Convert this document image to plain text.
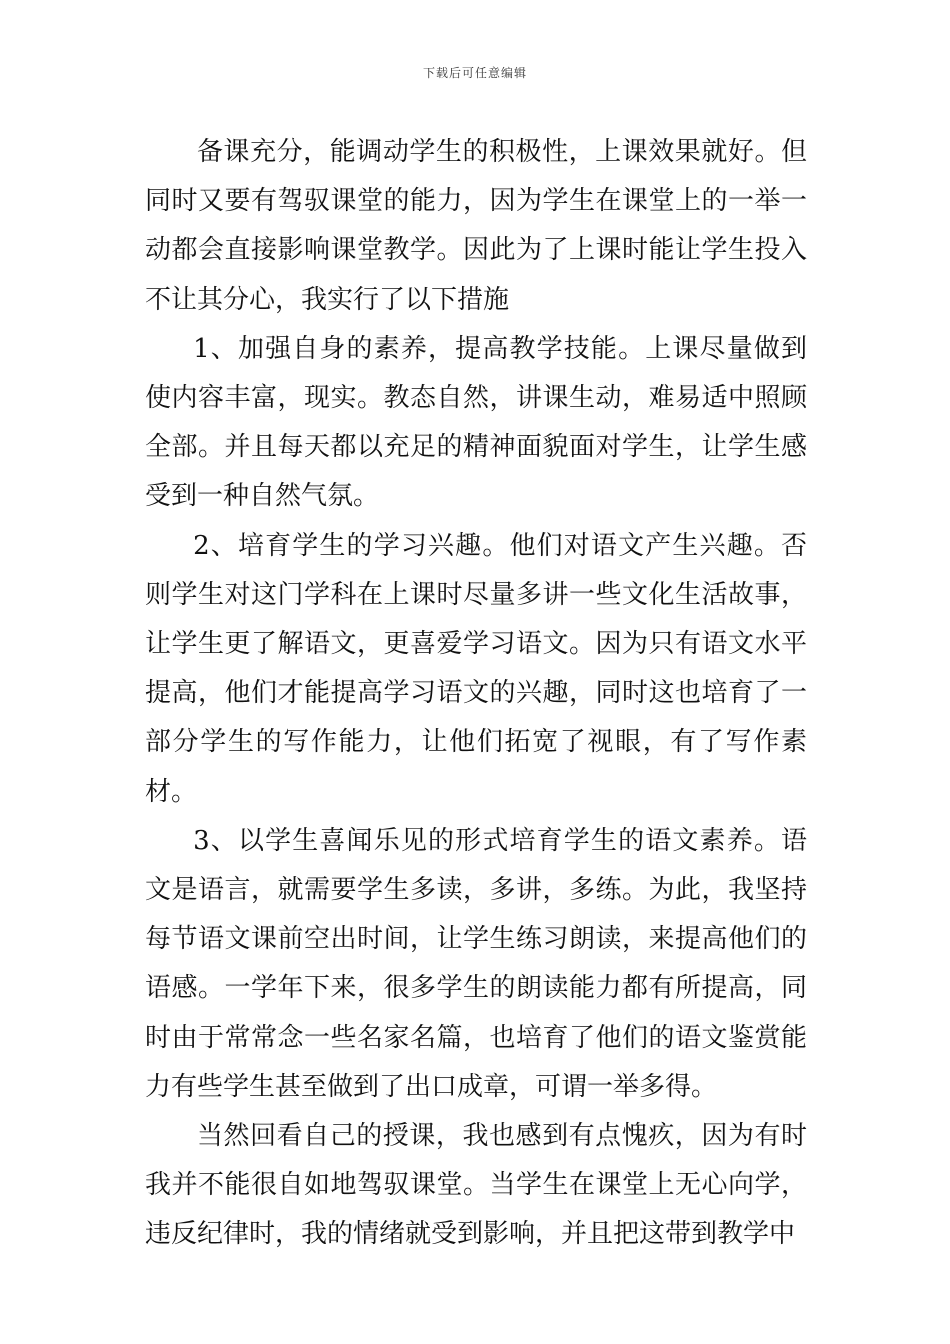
下载后可任意编辑

备课充分，能调动学生的积极性，上课效果就好。但同时又要有驾驭课堂的能力，因为学生在课堂上的一举一动都会直接影响课堂教学。因此为了上课时能让学生投入不让其分心，我实行了以下措施

1、加强自身的素养，提高教学技能。上课尽量做到使内容丰富，现实。教态自然，讲课生动，难易适中照顾全部。并且每天都以充足的精神面貌面对学生，让学生感受到一种自然气氛。

2、培育学生的学习兴趣。他们对语文产生兴趣。否则学生对这门学科在上课时尽量多讲一些文化生活故事，让学生更了解语文，更喜爱学习语文。因为只有语文水平提高，他们才能提高学习语文的兴趣，同时这也培育了一部分学生的写作能力，让他们拓宽了视眼，有了写作素材。

3、以学生喜闻乐见的形式培育学生的语文素养。语文是语言，就需要学生多读，多讲，多练。为此，我坚持每节语文课前空出时间，让学生练习朗读，来提高他们的语感。一学年下来，很多学生的朗读能力都有所提高，同时由于常常念一些名家名篇，也培育了他们的语文鉴赏能力有些学生甚至做到了出口成章，可谓一举多得。

当然回看自己的授课，我也感到有点愧疚，因为有时我并不能很自如地驾驭课堂。当学生在课堂上无心向学，违反纪律时，我的情绪就受到影响，并且把这带到教学中
